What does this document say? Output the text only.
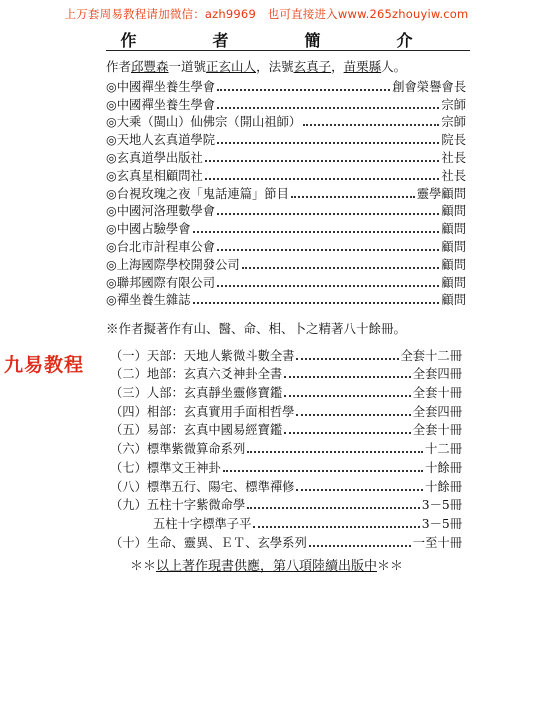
上万套周易教程请加微信：azh9969　也可直接进入www.265zhouyiw.com
作　者　簡　介
作者邱豐森一道號正玄山人，法號玄真子，苗栗縣人。
◎中國禪坐養生學會	創會榮譽會長
◎中國禪坐養生學會	宗師
◎大乘（閩山）仙佛宗（開山祖師）	宗師
◎天地人玄真道學院	院長
◎玄真道學出版社	社長
◎玄真星相顧問社	社長
◎台視玫瑰之夜「鬼話連篇」節目	靈學顧問
◎中國河洛理數學會	顧問
◎中國占驗學會	顧問
◎台北市計程車公會	顧問
◎上海國際學校開發公司	顧問
◎聯邦國際有限公司	顧問
◎禪坐養生雜誌	顧問
※作者擬著作有山、醫、命、相、卜之精著八十餘冊。
九易教程 （一）天部：天地人紫微斗數全書	全套十二冊
（二）地部：玄真六爻神卦全書	全套四冊
（三）人部：玄真靜坐靈修寶鑑	全套十冊
（四）相部：玄真實用手面相哲學	全套四冊
（五）易部：玄真中國易經寶鑑	全套十冊
（六）標準紫微算命系列	十二冊
（七）標準文王神卦	十餘冊
（八）標準五行、陽宅、標準禪修	十餘冊
（九）五柱十字紫微命學	3－5冊
五柱十字標準子平	3－5冊
（十）生命、靈異、ＥＴ、玄學系列	一至十冊
＊＊以上著作現書供應，第八項陸續出版中＊＊
